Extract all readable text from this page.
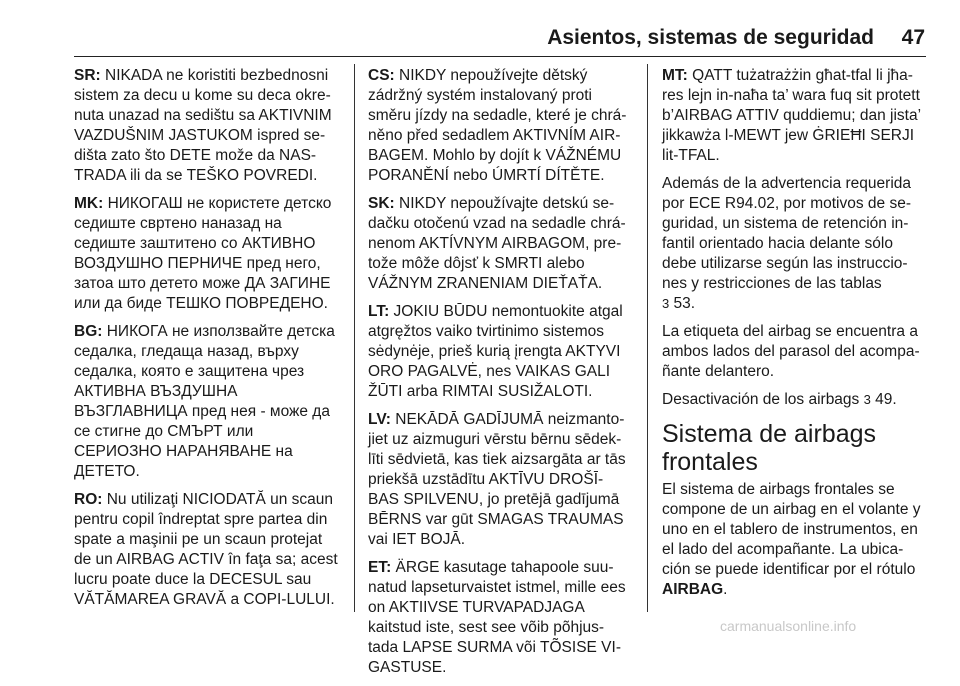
Asientos, sistemas de seguridad 47

SR: NIKADA ne koristiti bezbednosni sistem za decu u kome su deca okre-nuta unazad na sedištu sa AKTIVNIM VAZDUŠNIM JASTUKOM ispred se-dišta zato što DETE može da NAS-TRADA ili da se TEŠKO POVREDI.

MK: НИКОГАШ не користете детско седиште свртено наназад на седиште заштитено со АКТИВНО ВОЗДУШНО ПЕРНИЧЕ пред него, затоа што детето може ДА ЗАГИНЕ или да биде ТЕШКО ПОВРЕДЕНО.

BG: НИКОГА не използвайте детска седалка, гледаща назад, върху седалка, която е защитена чрез АКТИВНА ВЪЗДУШНА ВЪЗГЛАВНИЦА пред нея - може да се стигне до СМЪРТ или СЕРИОЗНО НАРАНЯВАНЕ на ДЕТЕТО.

RO: Nu utilizaţi NICIODATĂ un scaun pentru copil îndreptat spre partea din spate a maşinii pe un scaun protejat de un AIRBAG ACTIV în faţa sa; acest lucru poate duce la DECESUL sau VĂTĂMAREA GRAVĂ a COPI-LULUI.

CS: NIKDY nepoužívejte dětský zádržný systém instalovaný proti směru jízdy na sedadle, které je chrá-něno před sedadlem AKTIVNÍM AIR-BAGEM. Mohlo by dojít k VÁŽNÉMU PORANĚNÍ nebo ÚMRTÍ DÍTĚTE.

SK: NIKDY nepoužívajte detskú se-dačku otočenú vzad na sedadle chrá-nenom AKTÍVNYM AIRBAGOM, pre-tože môže dôjsť k SMRTI alebo VÁŽNYM ZRANENIAM DIEŤAŤA.

LT: JOKIU BŪDU nemontuokite atgal atgręžtos vaiko tvirtinimo sistemos sėdynėje, prieš kurią įrengta AKTYVI ORO PAGALVĖ, nes VAIKAS GALI ŽŪTI arba RIMTAI SUSIŽALOTI.

LV: NEKĀDĀ GADĪJUMĀ neizmanto-jiet uz aizmuguri vērstu bērnu sēdek-līti sēdvietā, kas tiek aizsargāta ar tās priekšā uzstādītu AKTĪVU DROŠĪ-BAS SPILVENU, jo pretējā gadījumā BĒRNS var gūt SMAGAS TRAUMAS vai IET BOJĀ.

ET: ÄRGE kasutage tahapoole suu-natud lapseturvaistet istmel, mille ees on AKTIIVSE TURVAPADJAGA kaitstud iste, sest see võib põhjus-tada LAPSE SURMA või TÕSISE VI-GASTUSE.

MT: QATT tużatrażżin għat-tfal li jħa-res lejn in-naħa ta’ wara fuq sit protett b’AIRBAG ATTIV quddiemu; dan jista’ jikkawża l-MEWT jew ĠRIEĦI SERJI lit-TFAL.

Además de la advertencia requerida por ECE R94.02, por motivos de se-guridad, un sistema de retención in-fantil orientado hacia delante sólo debe utilizarse según las instruccio-nes y restricciones de las tablas
3 53.

La etiqueta del airbag se encuentra a ambos lados del parasol del acompa-ñante delantero.

Desactivación de los airbags 3 49.

Sistema de airbags frontales

El sistema de airbags frontales se compone de un airbag en el volante y uno en el tablero de instrumentos, en el lado del acompañante. La ubica-ción se puede identificar por el rótulo AIRBAG.

carmanualsonline.info
